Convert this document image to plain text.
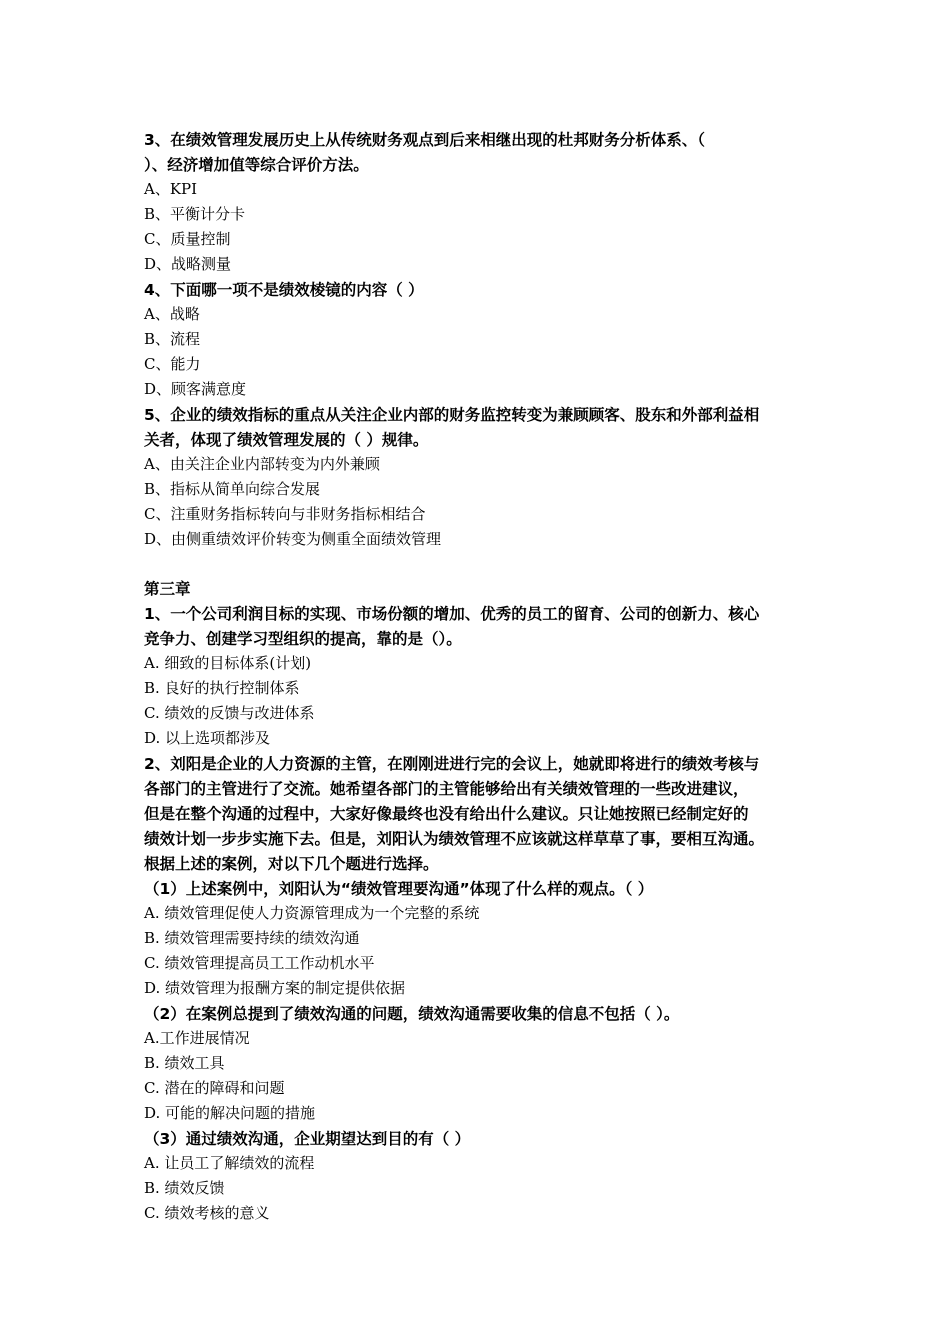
3、在绩效管理发展历史上从传统财务观点到后来相继出现的杜邦财务分析体系、（
）、经济增加值等综合评价方法。
A、KPI
B、平衡计分卡
C、质量控制
D、战略测量
4、下面哪一项不是绩效棱镜的内容（ ）
A、战略
B、流程
C、能力
D、顾客满意度
5、企业的绩效指标的重点从关注企业内部的财务监控转变为兼顾顾客、股东和外部利益相
关者，体现了绩效管理发展的（ ）规律。
A、由关注企业内部转变为内外兼顾
B、指标从简单向综合发展
C、注重财务指标转向与非财务指标相结合
D、由侧重绩效评价转变为侧重全面绩效管理
第三章
1、一个公司利润目标的实现、市场份额的增加、优秀的员工的留育、公司的创新力、核心
竞争力、创建学习型组织的提高，靠的是（）。
A. 细致的目标体系(计划)
B. 良好的执行控制体系
C. 绩效的反馈与改进体系
D. 以上选项都涉及
2、刘阳是企业的人力资源的主管，在刚刚进进行完的会议上，她就即将进行的绩效考核与
各部门的主管进行了交流。她希望各部门的主管能够给出有关绩效管理的一些改进建议，
但是在整个沟通的过程中，大家好像最终也没有给出什么建议。只让她按照已经制定好的
绩效计划一步步实施下去。但是，刘阳认为绩效管理不应该就这样草草了事，要相互沟通。
根据上述的案例，对以下几个题进行选择。
（1）上述案例中，刘阳认为“绩效管理要沟通”体现了什么样的观点。（ ）
A. 绩效管理促使人力资源管理成为一个完整的系统
B. 绩效管理需要持续的绩效沟通
C. 绩效管理提高员工工作动机水平
D. 绩效管理为报酬方案的制定提供依据
（2）在案例总提到了绩效沟通的问题，绩效沟通需要收集的信息不包括（ ）。
A.工作进展情况
B. 绩效工具
C. 潜在的障碍和问题
D. 可能的解决问题的措施
（3）通过绩效沟通，企业期望达到目的有（ ）
A. 让员工了解绩效的流程
B. 绩效反馈
C. 绩效考核的意义
